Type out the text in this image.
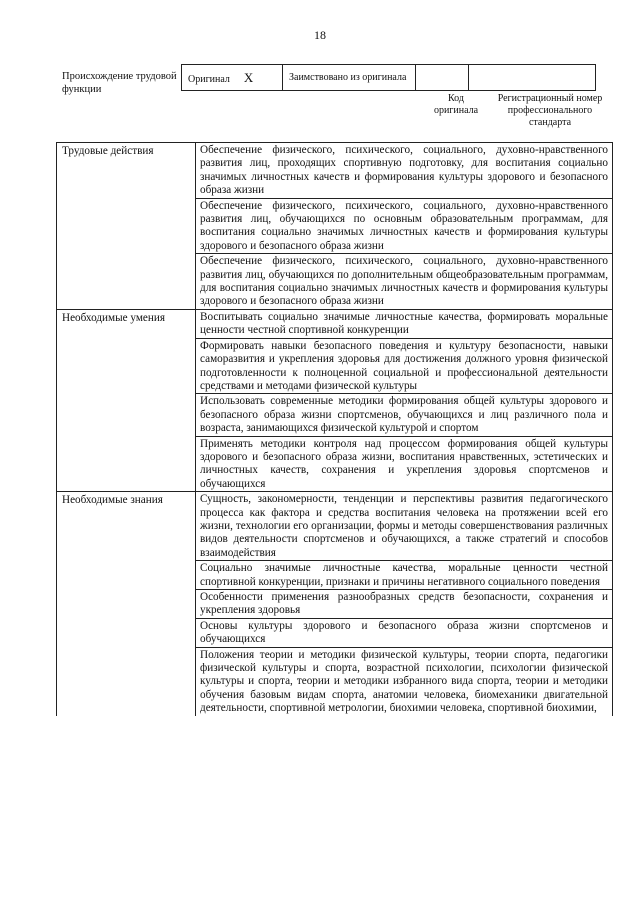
18
Происхождение трудовой функции
Оригинал X	Заимствовано из оригинала		
Код оригинала
Регистрационный номер профессионального стандарта
Трудовые действия	Обеспечение физического, психического, социального, духовно-нравственного развития лиц, проходящих спортивную подготовку, для воспитания социально значимых личностных качеств и формирования культуры здорового и безопасного образа жизни
	Обеспечение физического, психического, социального, духовно-нравственного развития лиц, обучающихся по основным образовательным программам, для воспитания социально значимых личностных качеств и формирования культуры здорового и безопасного образа жизни
	Обеспечение физического, психического, социального, духовно-нравственного развития лиц, обучающихся по дополнительным общеобразовательным программам, для воспитания социально значимых личностных качеств и формирования культуры здорового и безопасного образа жизни
Необходимые умения	Воспитывать социально значимые личностные качества, формировать моральные ценности честной спортивной конкуренции
	Формировать навыки безопасного поведения и культуру безопасности, навыки саморазвития и укрепления здоровья для достижения должного уровня физической подготовленности к полноценной социальной и профессиональной деятельности средствами и методами физической культуры
	Использовать современные методики формирования общей культуры здорового и безопасного образа жизни спортсменов, обучающихся и лиц различного пола и возраста, занимающихся физической культурой и спортом
	Применять методики контроля над процессом формирования общей культуры здорового и безопасного образа жизни, воспитания нравственных, эстетических и личностных качеств, сохранения и укрепления здоровья спортсменов и обучающихся
Необходимые знания	Сущность, закономерности, тенденции и перспективы развития педагогического процесса как фактора и средства воспитания человека на протяжении всей его жизни, технологии его организации, формы и методы совершенствования различных видов деятельности спортсменов и обучающихся, а также стратегий и способов взаимодействия
	Социально значимые личностные качества, моральные ценности честной спортивной конкуренции, признаки и причины негативного социального поведения
	Особенности применения разнообразных средств безопасности, сохранения и укрепления здоровья
	Основы культуры здорового и безопасного образа жизни спортсменов и обучающихся
	Положения теории и методики физической культуры, теории спорта, педагогики физической культуры и спорта, возрастной психологии, психологии физической культуры и спорта, теории и методики избранного вида спорта, теории и методики обучения базовым видам спорта, анатомии человека, биомеханики двигательной деятельности, спортивной метрологии, биохимии человека, спортивной биохимии,
